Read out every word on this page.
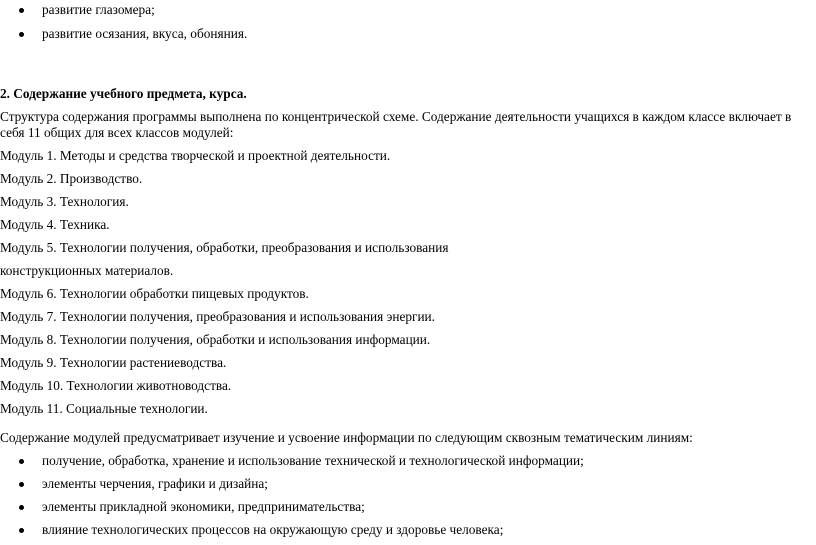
развитие глазомера;
развитие осязания, вкуса, обоняния.
2. Содержание учебного предмета, курса.

Структура содержания программы выполнена по концентрической схеме. Содержание деятельности учащихся в каждом классе включает в себя 11 общих для всех классов модулей:

Модуль 1. Методы и средства творческой и проектной деятельности.

Модуль 2. Производство.

Модуль 3. Технология.

Модуль 4. Техника.

Модуль 5. Технологии получения, обработки, преобразования и использования

конструкционных материалов.

Модуль 6. Технологии обработки пищевых продуктов.

Модуль 7. Технологии получения, преобразования и использования энергии.

Модуль 8. Технологии получения, обработки и использования информации.

Модуль 9. Технологии растениеводства.

Модуль 10. Технологии животноводства.

Модуль 11. Социальные технологии.

Содержание модулей предусматривает изучение и усвоение информации по следующим сквозным тематическим линиям:

получение, обработка, хранение и использование технической и технологической информации;
элементы черчения, графики и дизайна;
элементы прикладной экономики, предпринимательства;
влияние технологических процессов на окружающую среду и здоровье человека;
